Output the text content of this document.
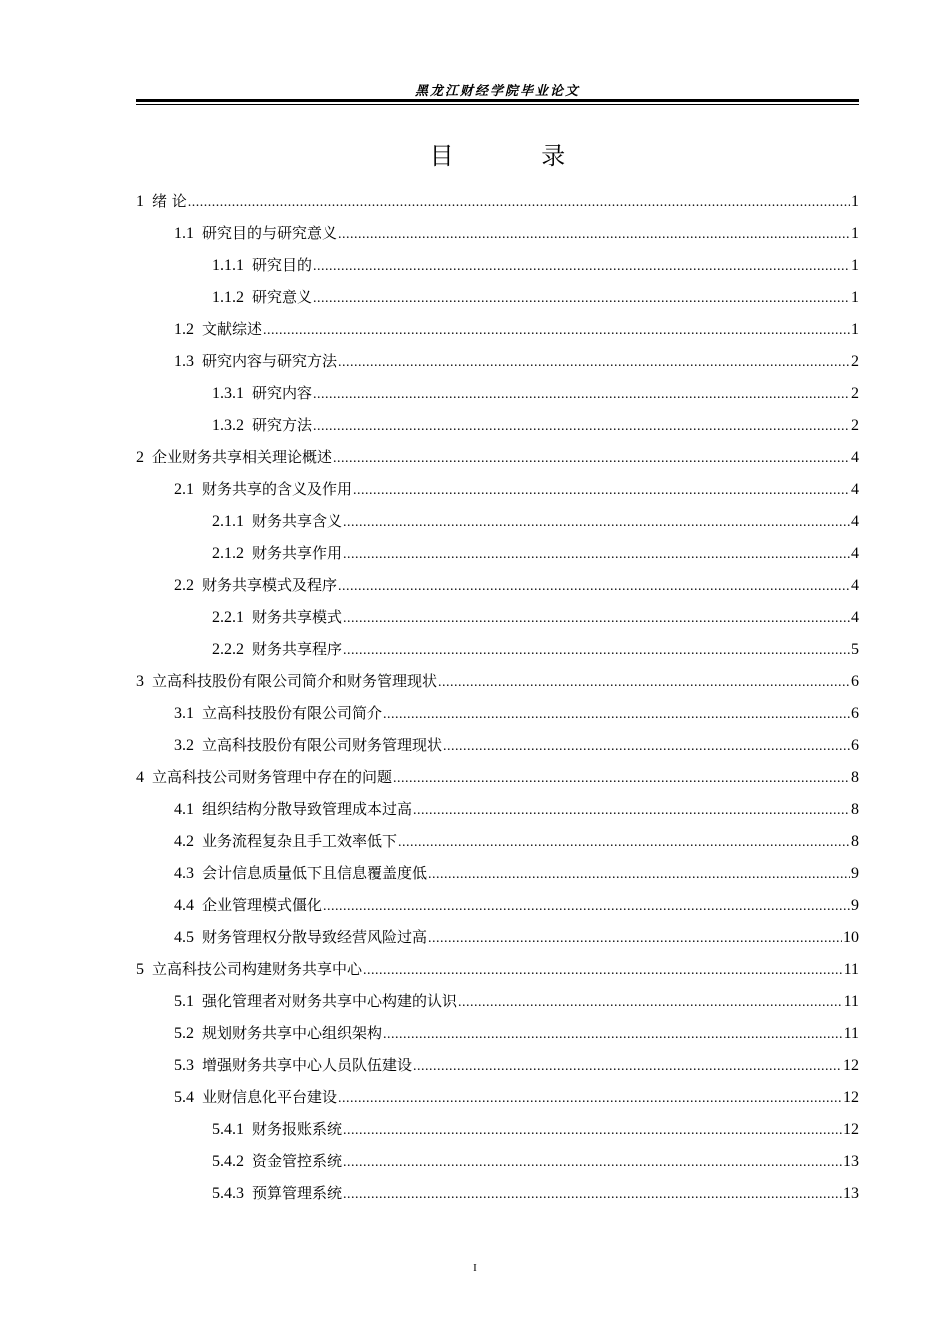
黑龙江财经学院毕业论文
目 录
1 绪 论 .....	1
1.1 研究目的与研究意义 .....	1
1.1.1 研究目的 .....	1
1.1.2 研究意义 .....	1
1.2 文献综述 .....	1
1.3 研究内容与研究方法 .....	2
1.3.1 研究内容 .....	2
1.3.2 研究方法 .....	2
2 企业财务共享相关理论概述 .....	4
2.1 财务共享的含义及作用 .....	4
2.1.1 财务共享含义 .....	4
2.1.2 财务共享作用 .....	4
2.2 财务共享模式及程序 .....	4
2.2.1 财务共享模式 .....	4
2.2.2 财务共享程序 .....	5
3 立高科技股份有限公司简介和财务管理现状 .....	6
3.1 立高科技股份有限公司简介 .....	6
3.2 立高科技股份有限公司财务管理现状 .....	6
4 立高科技公司财务管理中存在的问题 .....	8
4.1 组织结构分散导致管理成本过高 .....	8
4.2 业务流程复杂且手工效率低下 .....	8
4.3 会计信息质量低下且信息覆盖度低 .....	9
4.4 企业管理模式僵化 .....	9
4.5 财务管理权分散导致经营风险过高 .....	10
5 立高科技公司构建财务共享中心 .....	11
5.1 强化管理者对财务共享中心构建的认识 .....	11
5.2 规划财务共享中心组织架构 .....	11
5.3 增强财务共享中心人员队伍建设 .....	12
5.4 业财信息化平台建设 .....	12
5.4.1 财务报账系统 .....	12
5.4.2 资金管控系统 .....	13
5.4.3 预算管理系统 .....	13
I
